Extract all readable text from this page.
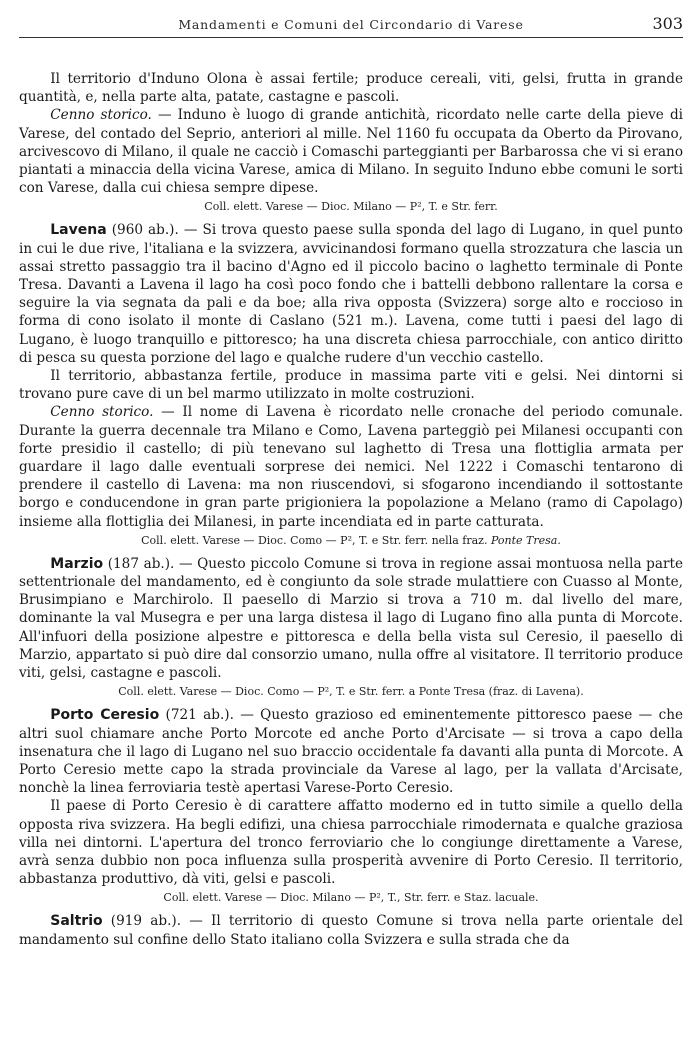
Mandamenti e Comuni del Circondario di Varese	303

Il territorio d'Induno Olona è assai fertile; produce cereali, viti, gelsi, frutta in grande quantità, e, nella parte alta, patate, castagne e pascoli.

Cenno storico. — Induno è luogo di grande antichità, ricordato nelle carte della pieve di Varese, del contado del Seprio, anteriori al mille. Nel 1160 fu occupata da Oberto da Pirovano, arcivescovo di Milano, il quale ne cacciò i Comaschi parteggianti per Barbarossa che vi si erano piantati a minaccia della vicina Varese, amica di Milano. In seguito Induno ebbe comuni le sorti con Varese, dalla cui chiesa sempre dipese.

Coll. elett. Varese — Dioc. Milano — P², T. e Str. ferr.

Lavena (960 ab.). — Si trova questo paese sulla sponda del lago di Lugano, in quel punto in cui le due rive, l'italiana e la svizzera, avvicinandosi formano quella strozzatura che lascia un assai stretto passaggio tra il bacino d'Agno ed il piccolo bacino o laghetto terminale di Ponte Tresa. Davanti a Lavena il lago ha così poco fondo che i battelli debbono rallentare la corsa e seguire la via segnata da pali e da boe; alla riva opposta (Svizzera) sorge alto e roccioso in forma di cono isolato il monte di Caslano (521 m.). Lavena, come tutti i paesi del lago di Lugano, è luogo tranquillo e pittoresco; ha una discreta chiesa parrocchiale, con antico diritto di pesca su questa porzione del lago e qualche rudere d'un vecchio castello.

Il territorio, abbastanza fertile, produce in massima parte viti e gelsi. Nei dintorni si trovano pure cave di un bel marmo utilizzato in molte costruzioni.

Cenno storico. — Il nome di Lavena è ricordato nelle cronache del periodo comunale. Durante la guerra decennale tra Milano e Como, Lavena parteggiò pei Milanesi occupanti con forte presidio il castello; di più tenevano sul laghetto di Tresa una flottiglia armata per guardare il lago dalle eventuali sorprese dei nemici. Nel 1222 i Comaschi tentarono di prendere il castello di Lavena: ma non riuscendovi, si sfogarono incendiando il sottostante borgo e conducendone in gran parte prigioniera la popolazione a Melano (ramo di Capolago) insieme alla flottiglia dei Milanesi, in parte incendiata ed in parte catturata.

Coll. elett. Varese — Dioc. Como — P², T. e Str. ferr. nella fraz. Ponte Tresa.

Marzio (187 ab.). — Questo piccolo Comune si trova in regione assai montuosa nella parte settentrionale del mandamento, ed è congiunto da sole strade mulattiere con Cuasso al Monte, Brusimpiano e Marchirolo. Il paesello di Marzio si trova a 710 m. dal livello del mare, dominante la val Musegra e per una larga distesa il lago di Lugano fino alla punta di Morcote. All'infuori della posizione alpestre e pittoresca e della bella vista sul Ceresio, il paesello di Marzio, appartato si può dire dal consorzio umano, nulla offre al visitatore. Il territorio produce viti, gelsi, castagne e pascoli.

Coll. elett. Varese — Dioc. Como — P², T. e Str. ferr. a Ponte Tresa (fraz. di Lavena).

Porto Ceresio (721 ab.). — Questo grazioso ed eminentemente pittoresco paese — che altri suol chiamare anche Porto Morcote ed anche Porto d'Arcisate — si trova a capo della insenatura che il lago di Lugano nel suo braccio occidentale fa davanti alla punta di Morcote. A Porto Ceresio mette capo la strada provinciale da Varese al lago, per la vallata d'Arcisate, nonchè la linea ferroviaria testè apertasi Varese-Porto Ceresio.

Il paese di Porto Ceresio è di carattere affatto moderno ed in tutto simile a quello della opposta riva svizzera. Ha begli edifizi, una chiesa parrocchiale rimodernata e qualche graziosa villa nei dintorni. L'apertura del tronco ferroviario che lo congiunge direttamente a Varese, avrà senza dubbio non poca influenza sulla prosperità avvenire di Porto Ceresio. Il territorio, abbastanza produttivo, dà viti, gelsi e pascoli.

Coll. elett. Varese — Dioc. Milano — P², T., Str. ferr. e Staz. lacuale.

Saltrio (919 ab.). — Il territorio di questo Comune si trova nella parte orientale del mandamento sul confine dello Stato italiano colla Svizzera e sulla strada che da
